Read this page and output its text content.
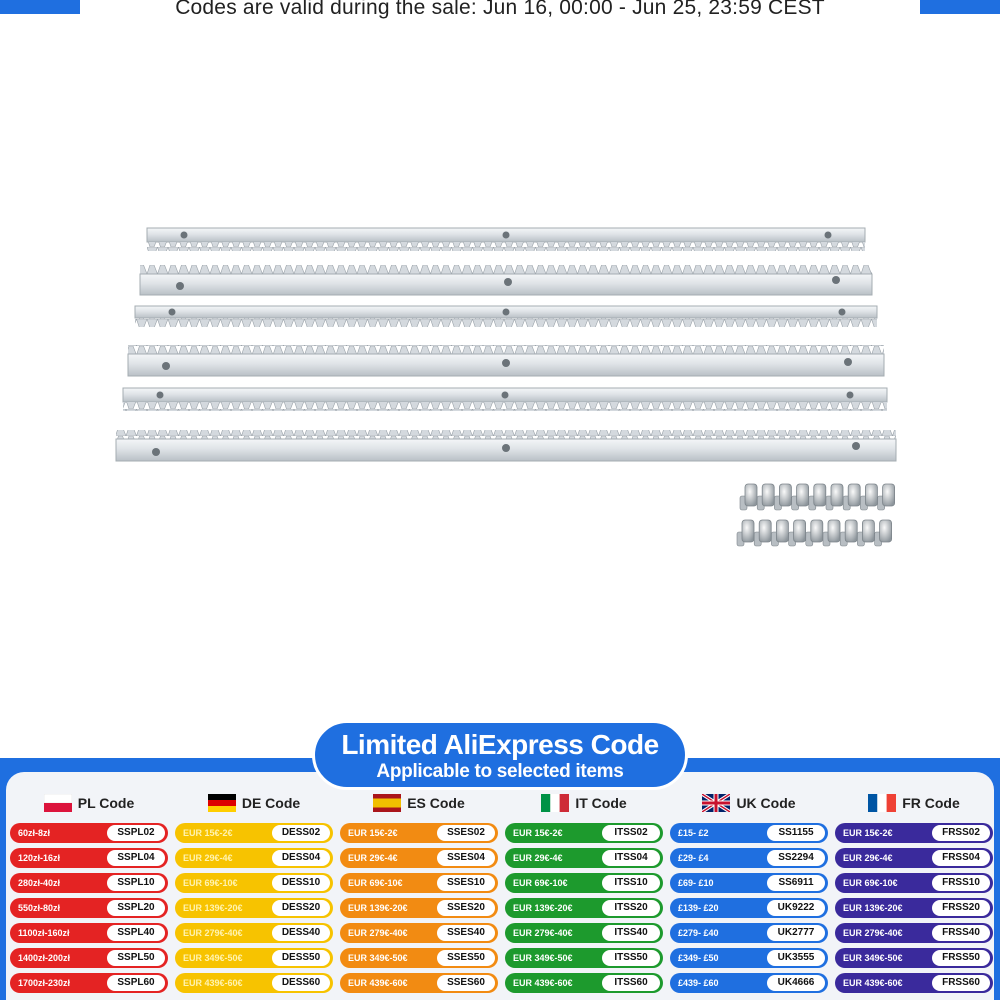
Codes are valid during the sale: Jun 16, 00:00 - Jun 25, 23:59 CEST
Limited AliExpress Code
Applicable to selected items
PL Code
60zł-8zł	SSPL02
120zł-16zł	SSPL04
280zł-40zł	SSPL10
550zł-80zł	SSPL20
1100zł-160zł	SSPL40
1400zł-200zł	SSPL50
1700zł-230zł	SSPL60
DE Code
EUR 15€-2€	DESS02
EUR 29€-4€	DESS04
EUR 69€-10€	DESS10
EUR 139€-20€	DESS20
EUR 279€-40€	DESS40
EUR 349€-50€	DESS50
EUR 439€-60€	DESS60
ES Code
EUR 15€-2€	SSES02
EUR 29€-4€	SSES04
EUR 69€-10€	SSES10
EUR 139€-20€	SSES20
EUR 279€-40€	SSES40
EUR 349€-50€	SSES50
EUR 439€-60€	SSES60
IT Code
EUR 15€-2€	ITSS02
EUR 29€-4€	ITSS04
EUR 69€-10€	ITSS10
EUR 139€-20€	ITSS20
EUR 279€-40€	ITSS40
EUR 349€-50€	ITSS50
EUR 439€-60€	ITSS60
UK Code
£15- £2	SS1155
£29- £4	SS2294
£69- £10	SS6911
£139- £20	UK9222
£279- £40	UK2777
£349- £50	UK3555
£439- £60	UK4666
FR Code
EUR 15€-2€	FRSS02
EUR 29€-4€	FRSS04
EUR 69€-10€	FRSS10
EUR 139€-20€	FRSS20
EUR 279€-40€	FRSS40
EUR 349€-50€	FRSS50
EUR 439€-60€	FRSS60
